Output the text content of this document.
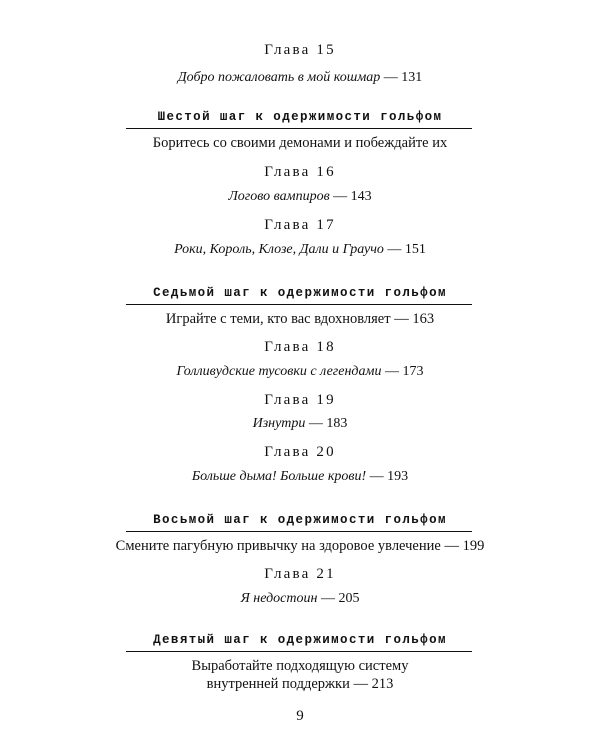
Глава 15
Добро пожаловать в мой кошмар — 131
Шестой шаг к одержимости гольфом
Боритесь со своими демонами и побеждайте их
Глава 16
Логово вампиров — 143
Глава 17
Роки, Король, Клозе, Дали и Граучо — 151
Седьмой шаг к одержимости гольфом
Играйте с теми, кто вас вдохновляет — 163
Глава 18
Голливудские тусовки с легендами — 173
Глава 19
Изнутри — 183
Глава 20
Больше дыма! Больше крови! — 193
Восьмой шаг к одержимости гольфом
Смените пагубную привычку на здоровое увлечение — 199
Глава 21
Я недостоин — 205
Девятый шаг к одержимости гольфом
Выработайте подходящую систему
внутренней поддержки — 213
9
